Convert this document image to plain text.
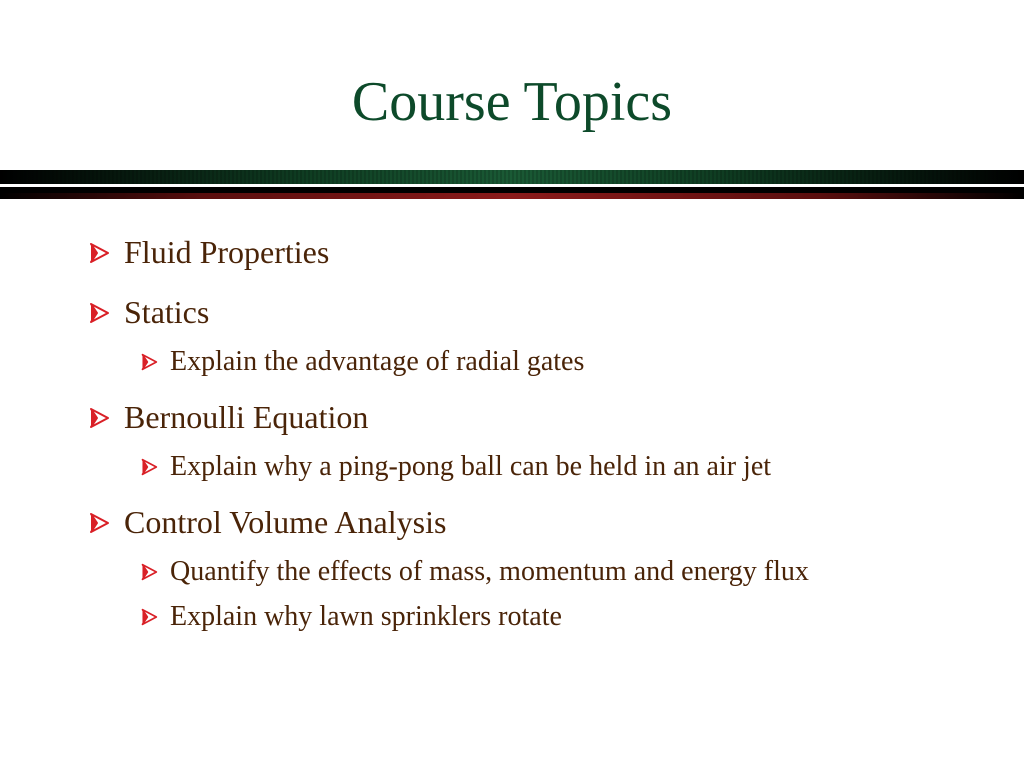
Course Topics
Fluid Properties
Statics
Explain the advantage of radial gates
Bernoulli Equation
Explain why a ping-pong ball can be held in an air jet
Control Volume Analysis
Quantify the effects of mass, momentum and energy flux
Explain why lawn sprinklers rotate
